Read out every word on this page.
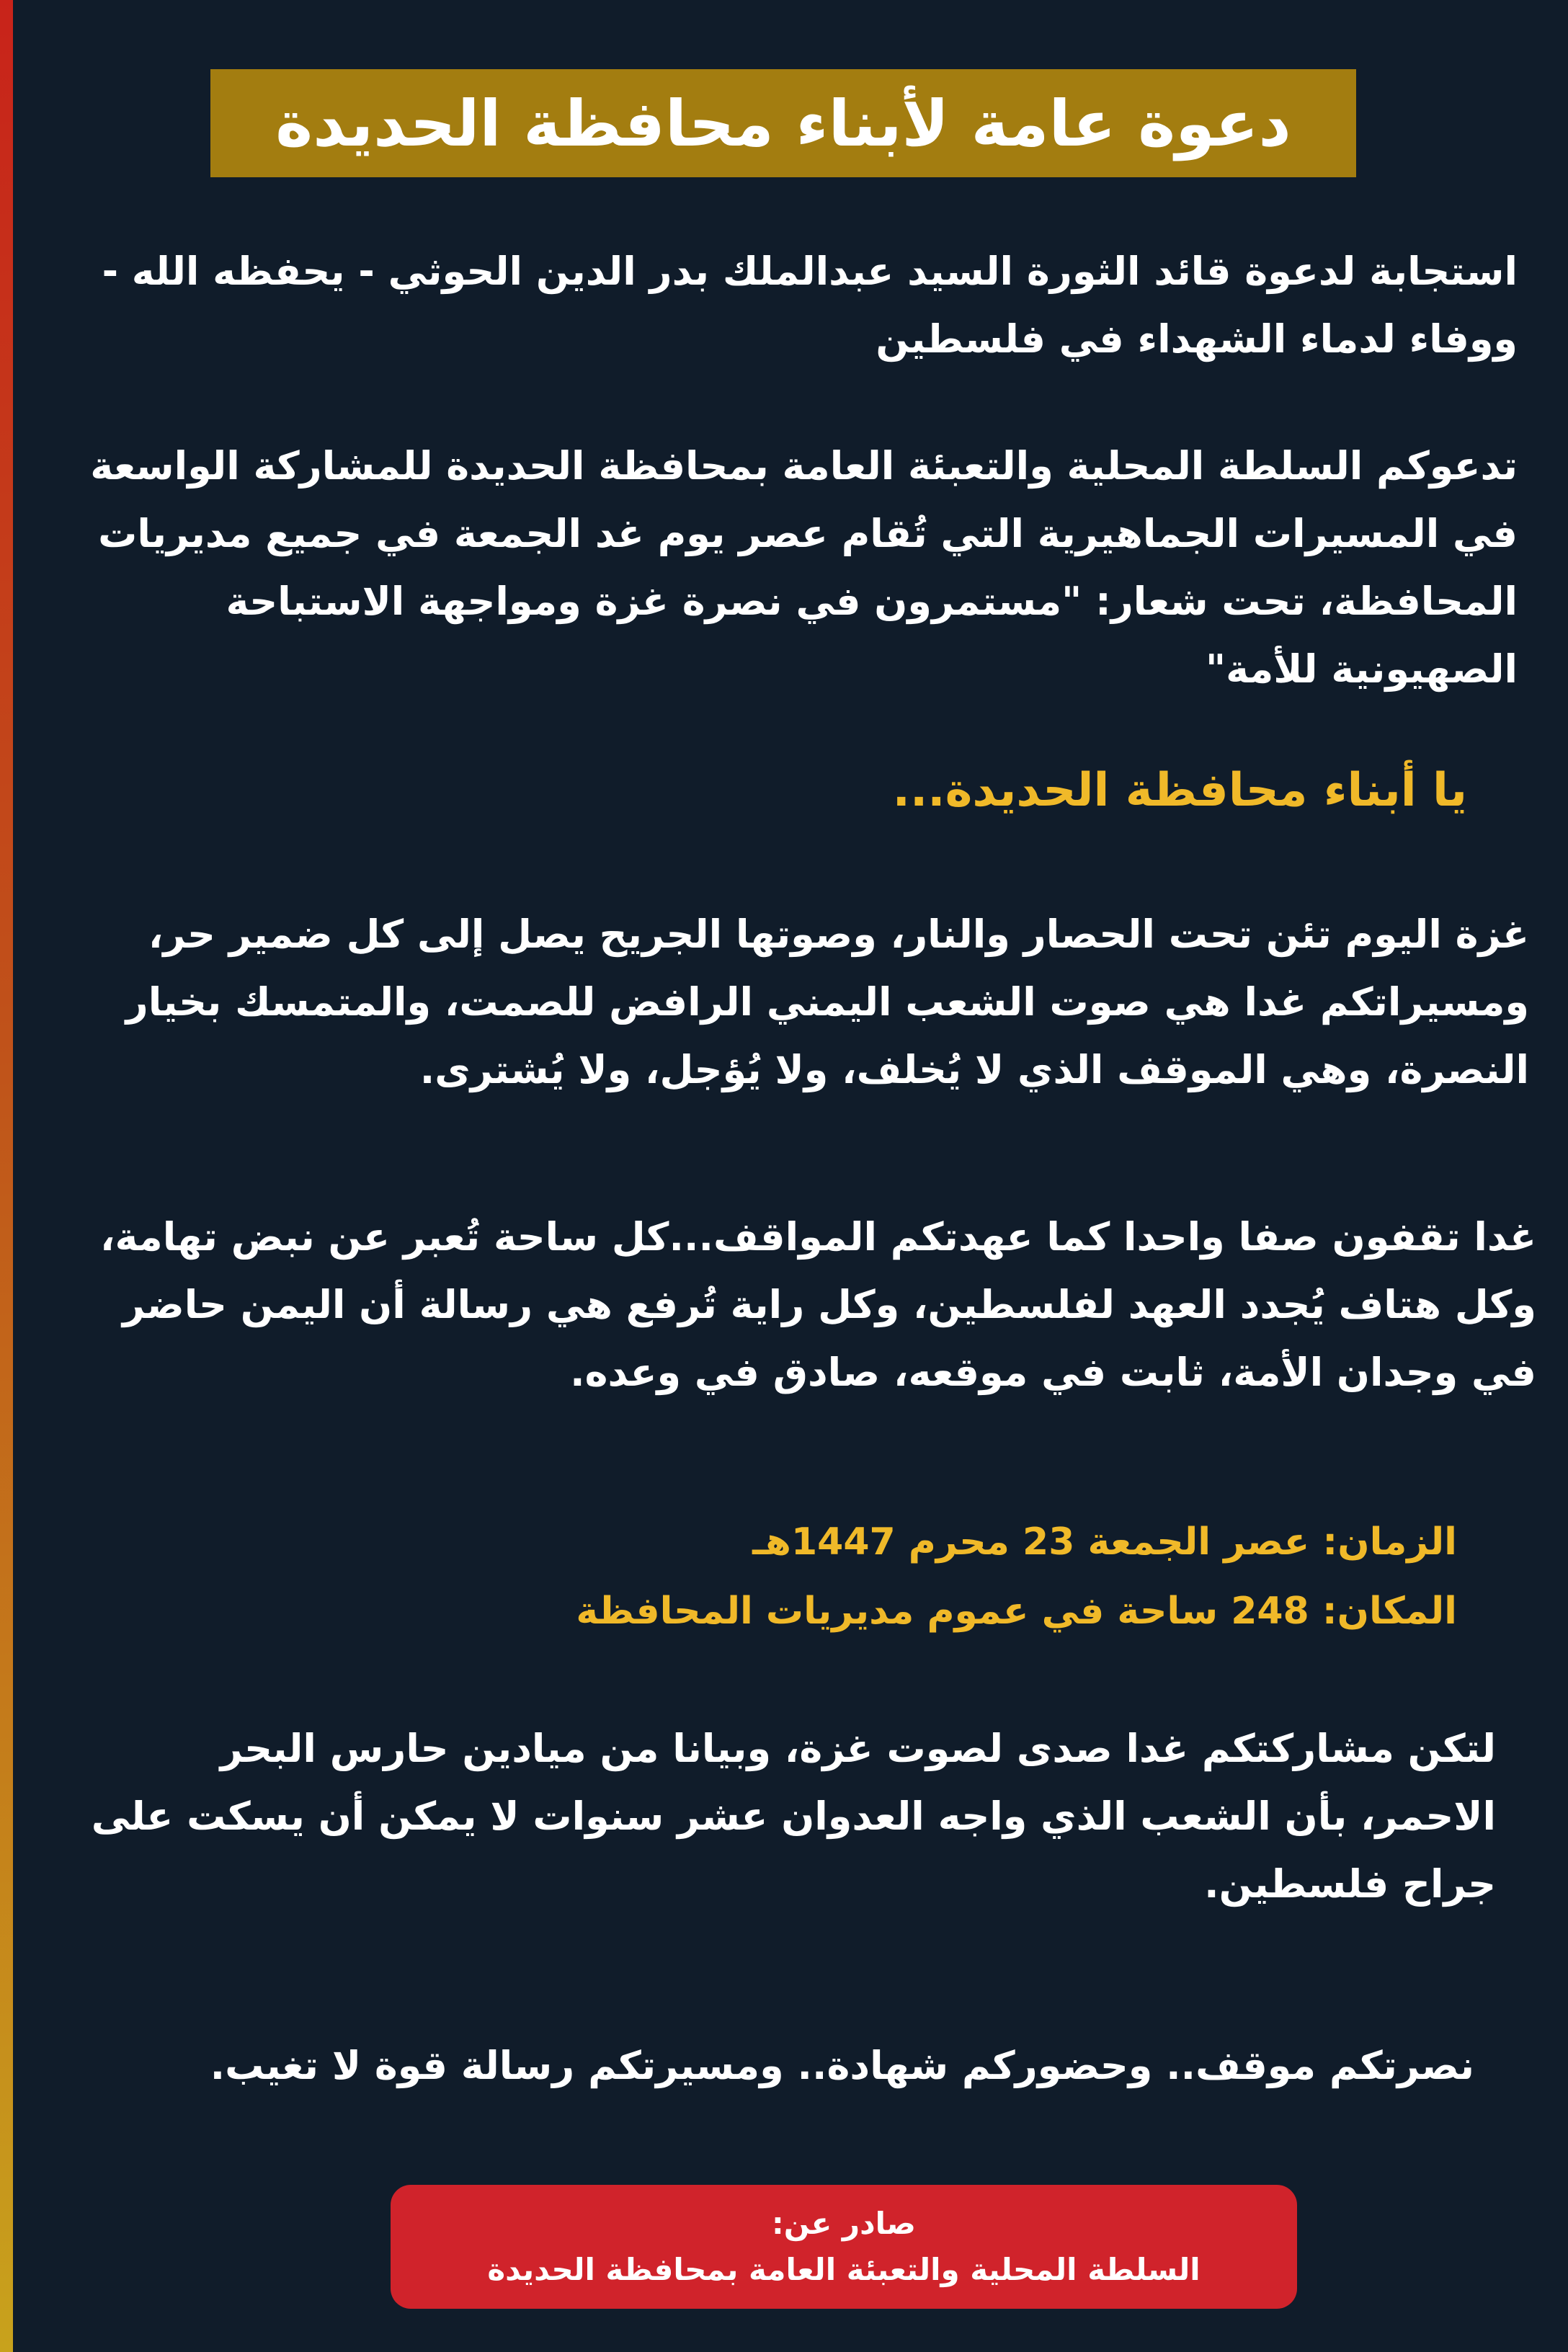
دعوة عامة لأبناء محافظة الحديدة

استجابة لدعوة قائد الثورة السيد عبدالملك بدر الدين الحوثي - يحفظه الله - ووفاء لدماء الشهداء في فلسطين

تدعوكم السلطة المحلية والتعبئة العامة بمحافظة الحديدة للمشاركة الواسعة في المسيرات الجماهيرية التي تُقام عصر يوم غد الجمعة في جميع مديريات المحافظة، تحت شعار: "مستمرون في نصرة غزة ومواجهة الاستباحة الصهيونية للأمة"

يا أبناء محافظة الحديدة...

غزة اليوم تئن تحت الحصار والنار، وصوتها الجريح يصل إلى كل ضمير حر، ومسيراتكم غدا هي صوت الشعب اليمني الرافض للصمت، والمتمسك بخيار النصرة، وهي الموقف الذي لا يُخلف، ولا يُؤجل، ولا يُشترى.

غدا تقفون صفا واحدا كما عهدتكم المواقف...كل ساحة تُعبر عن نبض تهامة، وكل هتاف يُجدد العهد لفلسطين، وكل راية تُرفع هي رسالة أن اليمن حاضر في وجدان الأمة، ثابت في موقعه، صادق في وعده.

الزمان: عصر الجمعة 23 محرم 1447هـ
المكان: 248 ساحة في عموم مديريات المحافظة

لتكن مشاركتكم غدا صدى لصوت غزة، وبيانا من ميادين حارس البحر الاحمر، بأن الشعب الذي واجه العدوان عشر سنوات لا يمكن أن يسكت على جراح فلسطين.

نصرتكم موقف.. وحضوركم شهادة.. ومسيرتكم رسالة قوة لا تغيب.

صادر عن:
السلطة المحلية والتعبئة العامة بمحافظة الحديدة
